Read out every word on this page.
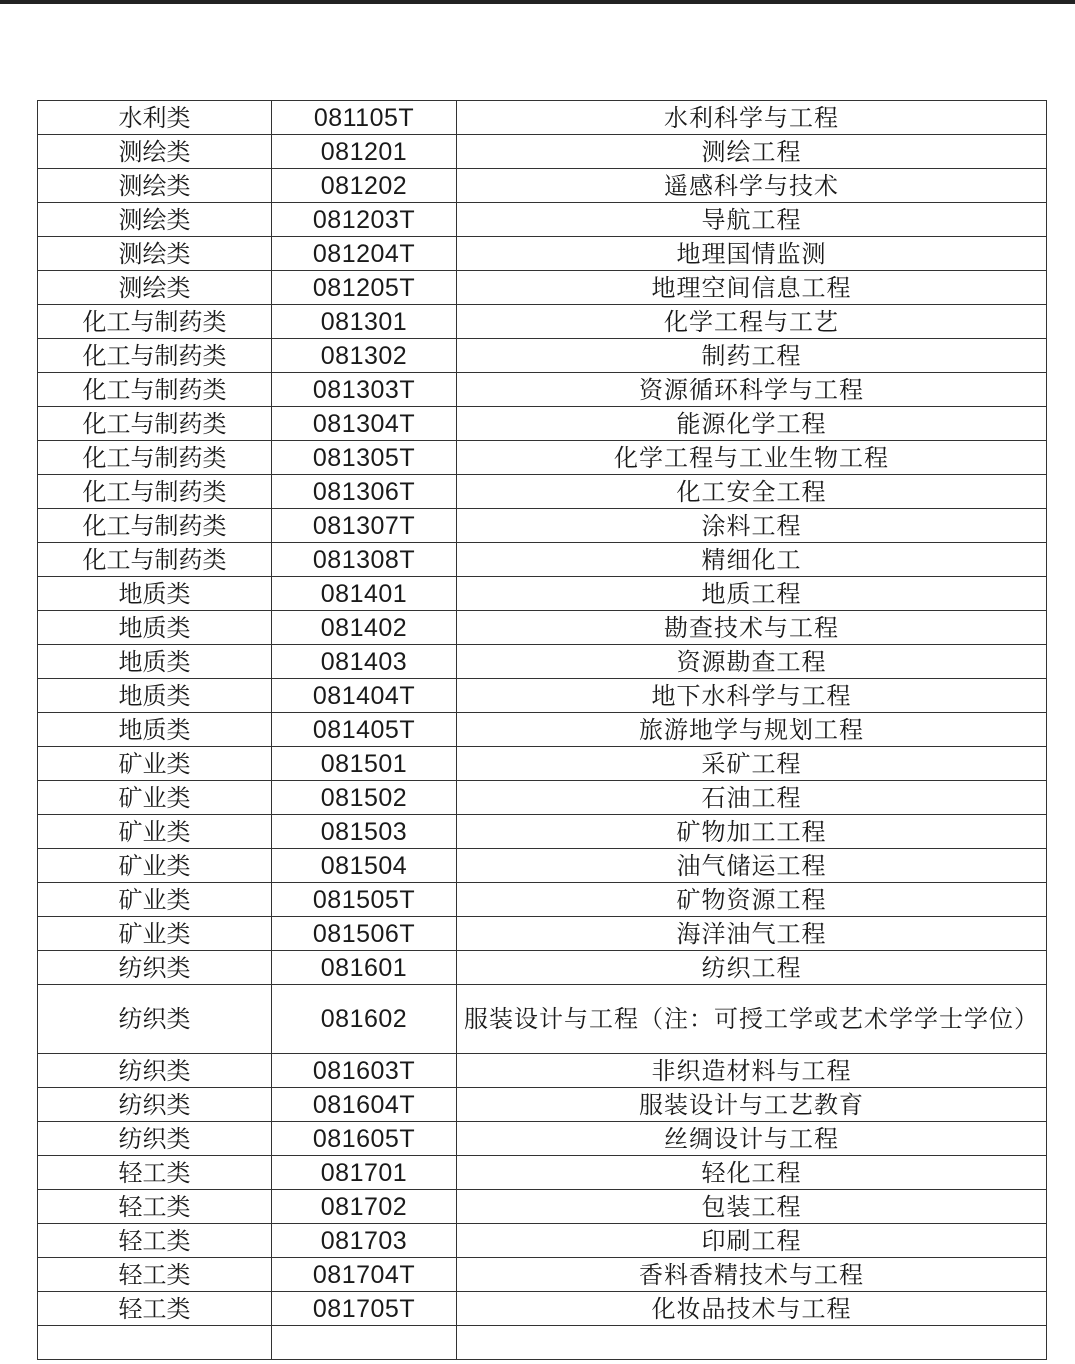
水利类	081105T	水利科学与工程
测绘类	081201	测绘工程
测绘类	081202	遥感科学与技术
测绘类	081203T	导航工程
测绘类	081204T	地理国情监测
测绘类	081205T	地理空间信息工程
化工与制药类	081301	化学工程与工艺
化工与制药类	081302	制药工程
化工与制药类	081303T	资源循环科学与工程
化工与制药类	081304T	能源化学工程
化工与制药类	081305T	化学工程与工业生物工程
化工与制药类	081306T	化工安全工程
化工与制药类	081307T	涂料工程
化工与制药类	081308T	精细化工
地质类	081401	地质工程
地质类	081402	勘查技术与工程
地质类	081403	资源勘查工程
地质类	081404T	地下水科学与工程
地质类	081405T	旅游地学与规划工程
矿业类	081501	采矿工程
矿业类	081502	石油工程
矿业类	081503	矿物加工工程
矿业类	081504	油气储运工程
矿业类	081505T	矿物资源工程
矿业类	081506T	海洋油气工程
纺织类	081601	纺织工程
纺织类	081602	服装设计与工程（注：可授工学或艺术学学士学位）
纺织类	081603T	非织造材料与工程
纺织类	081604T	服装设计与工艺教育
纺织类	081605T	丝绸设计与工程
轻工类	081701	轻化工程
轻工类	081702	包装工程
轻工类	081703	印刷工程
轻工类	081704T	香料香精技术与工程
轻工类	081705T	化妆品技术与工程
